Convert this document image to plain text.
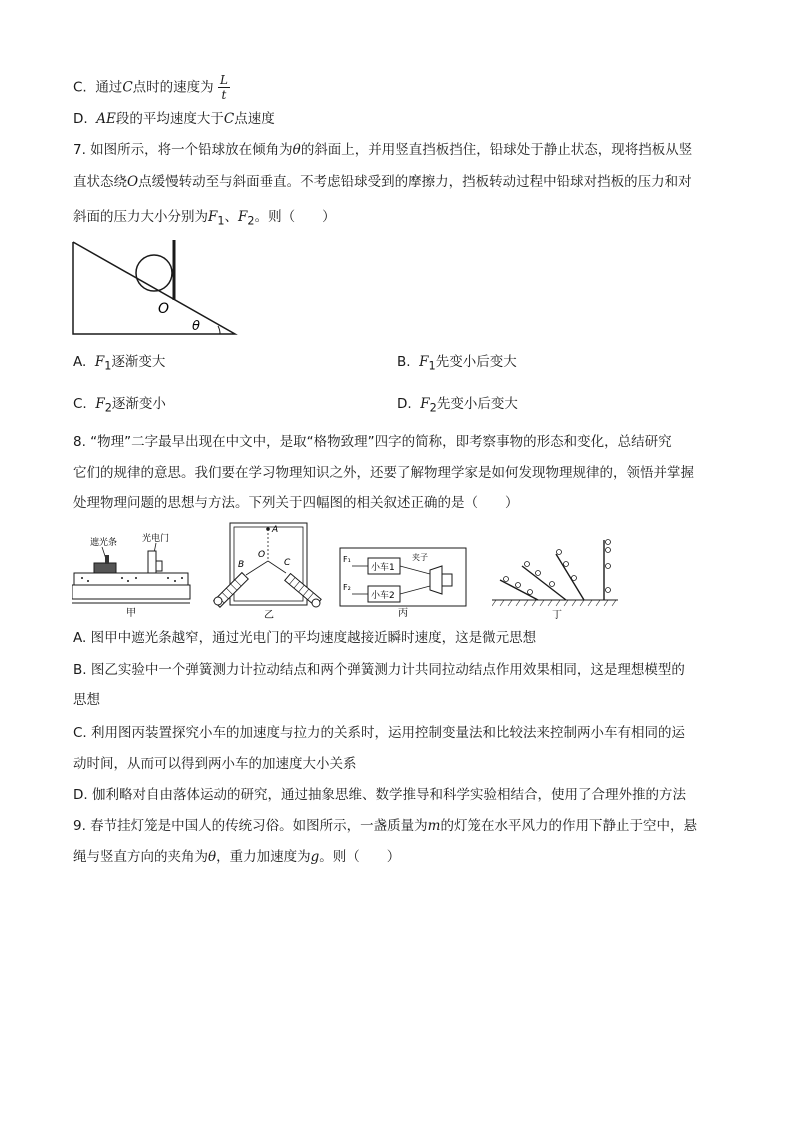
C. 通过C点时的速度为 $\frac{L}{t}$
D. AE段的平均速度大于C点速度
7. 如图所示，将一个铅球放在倾角为θ的斜面上，并用竖直挡板挡住，铅球处于静止状态，现将挡板从竖
直状态绕O点缓慢转动至与斜面垂直。不考虑铅球受到的摩擦力，挡板转动过程中铅球对挡板的压力和对
斜面的压力大小分别为$F_1$、$F_2$。则（　　）
O
θ
A. $F_1$逐渐变大	B. $F_1$先变小后变大
C. $F_2$逐渐变小	D. $F_2$先变小后变大
8. “物理”二字最早出现在中文中，是取“格物致理”四字的简称，即考察事物的形态和变化，总结研究
它们的规律的意思。我们要在学习物理知识之外，还要了解物理学家是如何发现物理规律的，领悟并掌握
处理物理问题的思想与方法。下列关于四幅图的相关叙述正确的是（　　）
遮光条	光电门
甲
A
O
B	C
乙
F₁
F₂
小车1
小车2
夹子
丙	丁
A. 图甲中遮光条越窄，通过光电门的平均速度越接近瞬时速度，这是微元思想
B. 图乙实验中一个弹簧测力计拉动结点和两个弹簧测力计共同拉动结点作用效果相同，这是理想模型的
思想
C. 利用图丙装置探究小车的加速度与拉力的关系时，运用控制变量法和比较法来控制两小车有相同的运
动时间，从而可以得到两小车的加速度大小关系
D. 伽利略对自由落体运动的研究，通过抽象思维、数学推导和科学实验相结合，使用了合理外推的方法
9. 春节挂灯笼是中国人的传统习俗。如图所示，一盏质量为m的灯笼在水平风力的作用下静止于空中，悬
绳与竖直方向的夹角为θ，重力加速度为g。则（　　）
